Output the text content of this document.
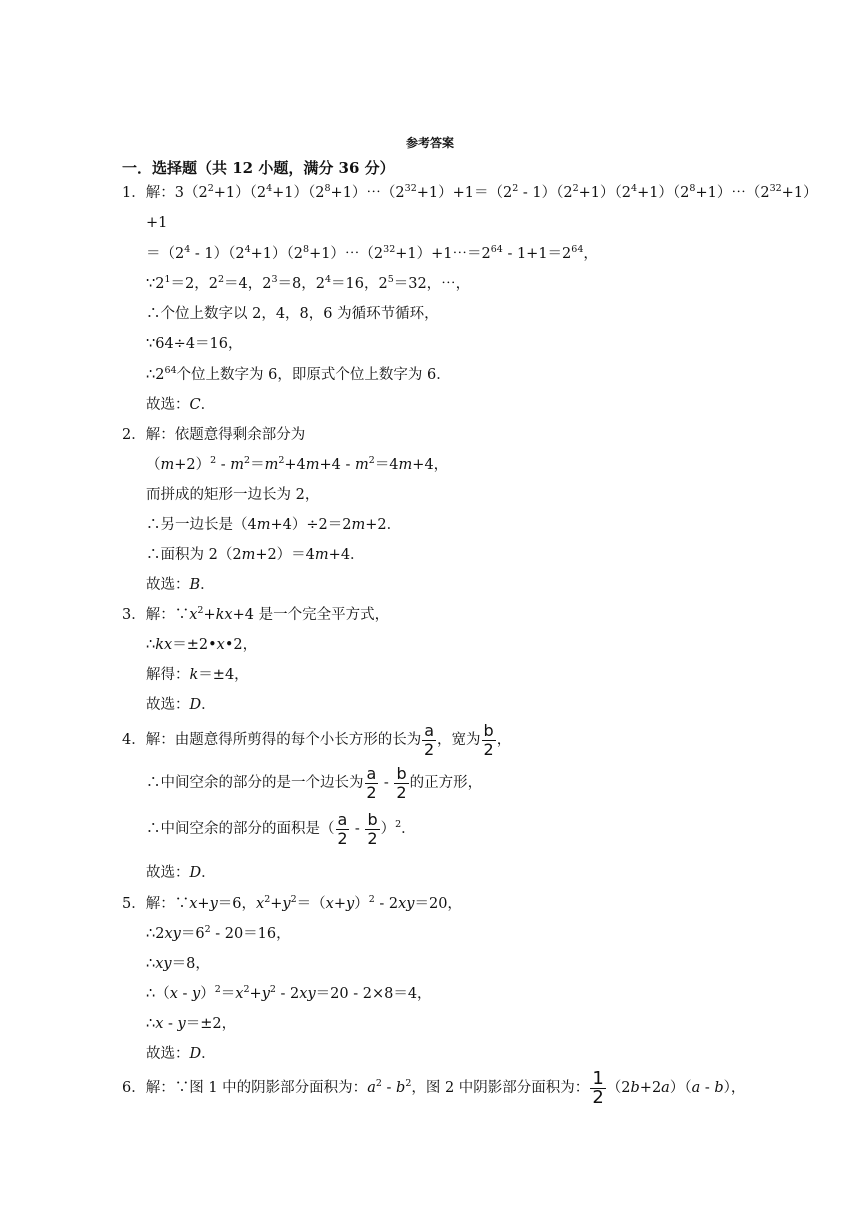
参考答案
一．选择题（共 12 小题，满分 36 分）
1．解：$3(2^2+1)(2^4+1)(2^8+1)\cdots(2^{32}+1)+1=(2^2$ - $1)(2^2+1)(2^4+1)(2^8+1)\cdots(2^{32}+1)$
+1
$=(2^4$ - $1)(2^4+1)(2^8+1)\cdots(2^{32}+1)+1\cdots=2^{64} - 1+1=2^{64}$，
$\because 2^1=2$，$2^2=4$，$2^3=8$，$2^4=16$，$2^5=32$，⋯，
∴个位上数字以 2，4，8，6 为循环节循环，
∵64÷4＝16，
$\therefore 2^{64}$个位上数字为 6，即原式个位上数字为 6．
故选：C．
2．解：依题意得剩余部分为
$(m+2)^2 - m^2=m^2+4m+4 - m^2=4m+4$，
而拼成的矩形一边长为 2，
∴另一边长是（4m+4）÷2＝2m+2．
∴面积为 2（2m+2）＝4m+4．
故选：B．
3．解：$\because x^2+kx+4$ 是一个完全平方式，
∴kx＝±2•x•2，
解得：k＝±4，
故选：D．
4．解：由题意得所剪得的每个小长方形的长为 $\frac{a}{2}$ ，宽为 $\frac{b}{2}$ ，
∴中间空余的部分的是一个边长为 $\frac{a}{2} - \frac{b}{2}$ 的正方形，
∴中间空余的部分的面积是（ $\frac{a}{2} - \frac{b}{2} )^2$．
故选：D．
5．解：∵x+y＝6，$x^2+y^2=(x+y)^2 - 2xy=20$，
$\therefore 2xy=6^2 - 20=16$，
∴xy＝8，
∴（x - $y)^2=x^2+y^2 - 2xy=20 - 2\times 8=4$，
∴x - y＝±2，
故选：D．
6．解：∵图 1 中的阴影部分面积为：$a^2 - b^2$，图 2 中阴影部分面积为： $\frac{1}{2} (2b+2a)(a - b)$，
